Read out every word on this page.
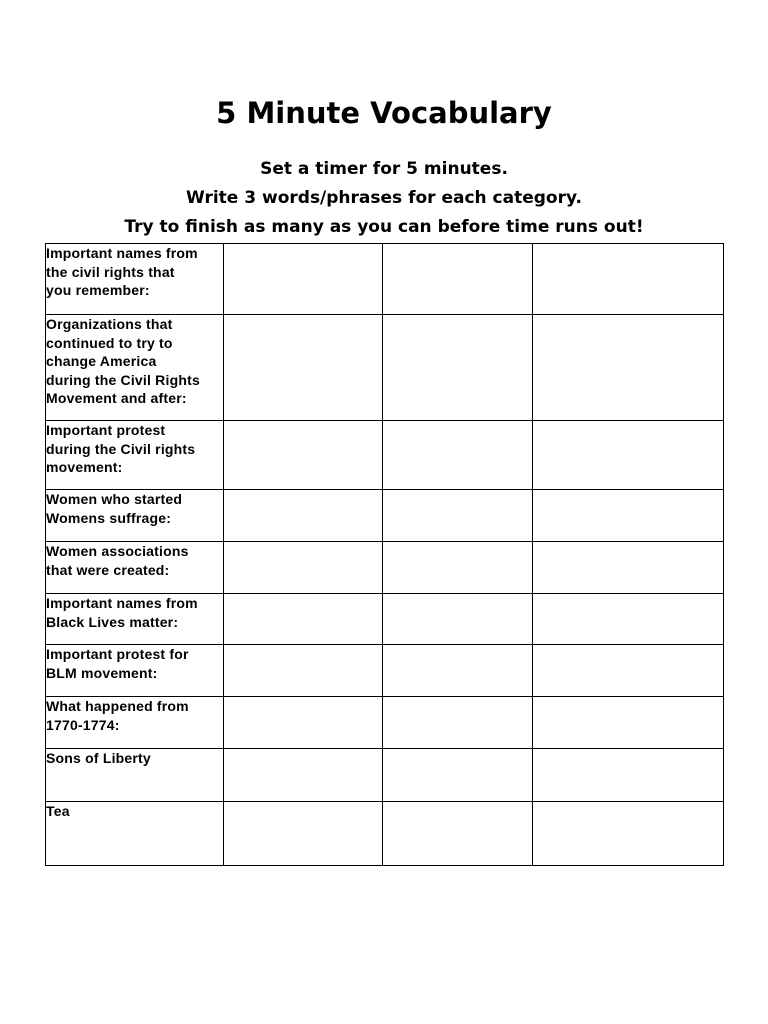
5 Minute Vocabulary
Set a timer for 5 minutes.
Write 3 words/phrases for each category.
Try to finish as many as you can before time runs out!
Important names from
the civil rights that
you remember:			

Organizations that
continued to try to
change America
during the Civil Rights
Movement and after:			

Important protest
during the Civil rights
movement:			

Women who started
Womens suffrage:			

Women associations
that were created:			

Important names from
Black Lives matter:			

Important protest for
BLM movement:			

What happened from
1770-1774:			

Sons of Liberty			

Tea			
